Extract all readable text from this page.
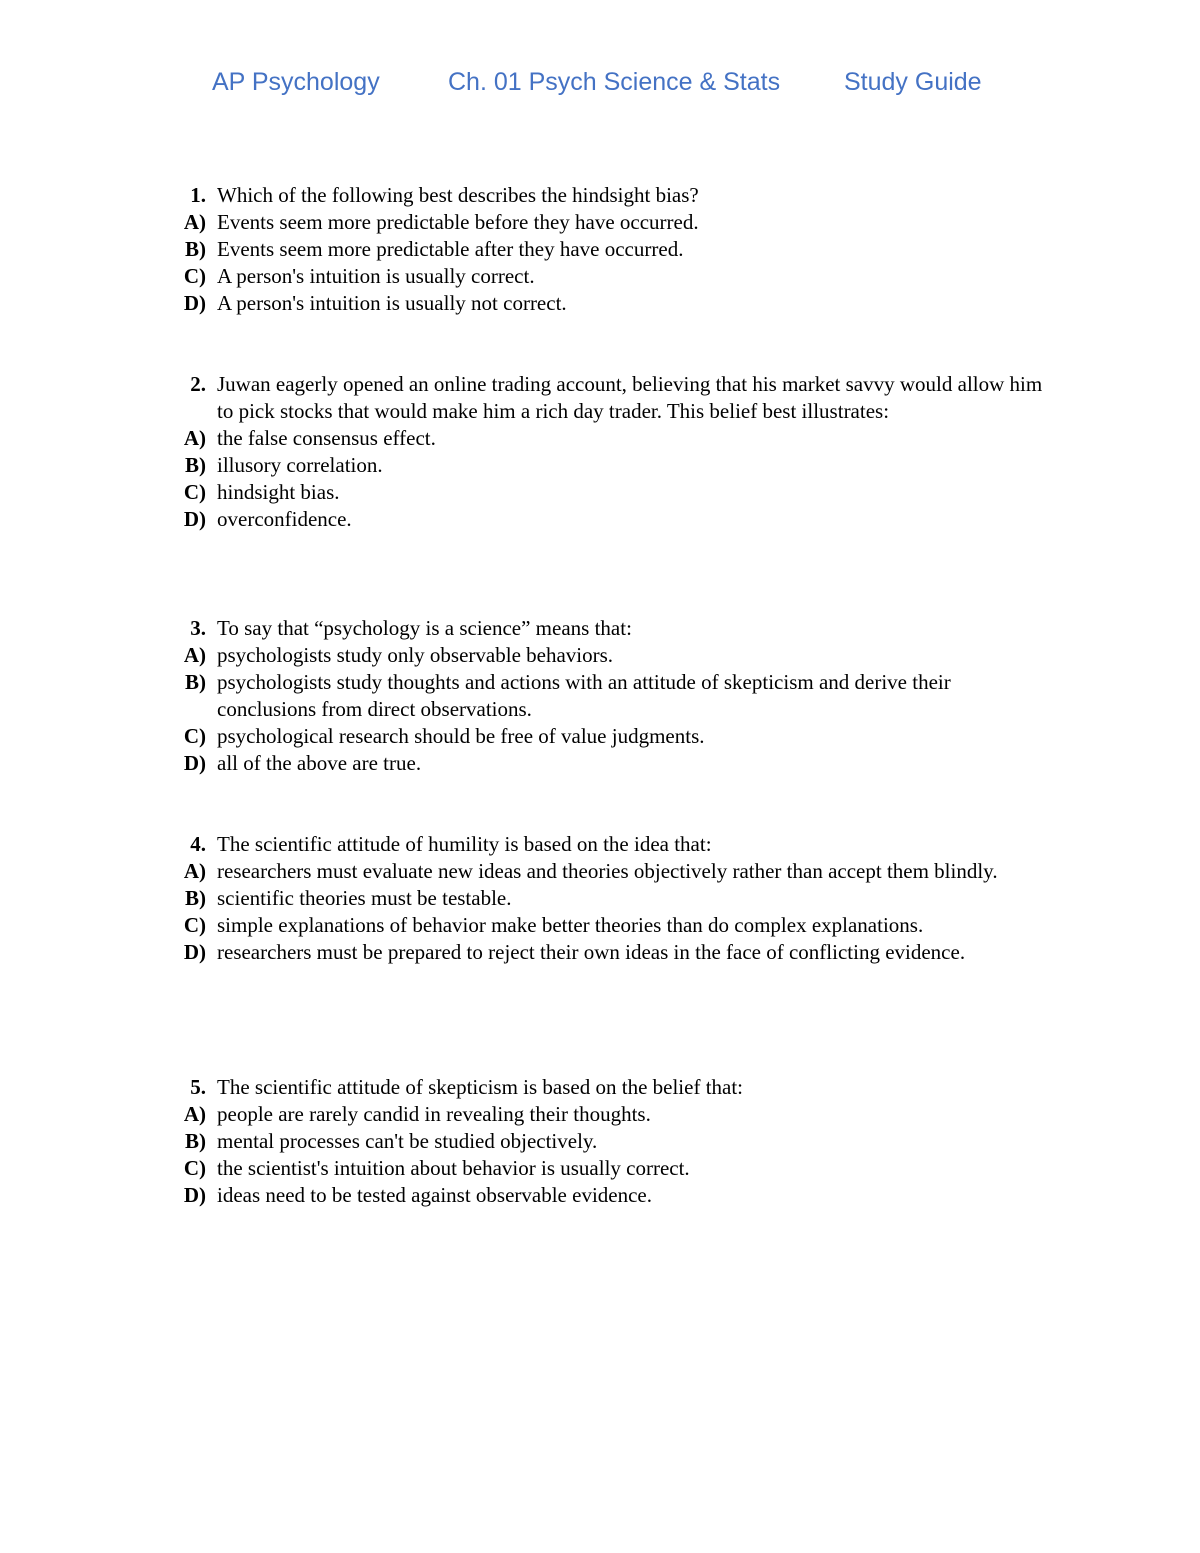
AP Psychology	Ch. 01 Psych Science & Stats	Study Guide
1. Which of the following best describes the hindsight bias?
A) Events seem more predictable before they have occurred.
B) Events seem more predictable after they have occurred.
C) A person's intuition is usually correct.
D) A person's intuition is usually not correct.
2. Juwan eagerly opened an online trading account, believing that his market savvy would allow him to pick stocks that would make him a rich day trader. This belief best illustrates:
A) the false consensus effect.
B) illusory correlation.
C) hindsight bias.
D) overconfidence.
3. To say that “psychology is a science” means that:
A) psychologists study only observable behaviors.
B) psychologists study thoughts and actions with an attitude of skepticism and derive their conclusions from direct observations.
C) psychological research should be free of value judgments.
D) all of the above are true.
4. The scientific attitude of humility is based on the idea that:
A) researchers must evaluate new ideas and theories objectively rather than accept them blindly.
B) scientific theories must be testable.
C) simple explanations of behavior make better theories than do complex explanations.
D) researchers must be prepared to reject their own ideas in the face of conflicting evidence.
5. The scientific attitude of skepticism is based on the belief that:
A) people are rarely candid in revealing their thoughts.
B) mental processes can't be studied objectively.
C) the scientist's intuition about behavior is usually correct.
D) ideas need to be tested against observable evidence.
